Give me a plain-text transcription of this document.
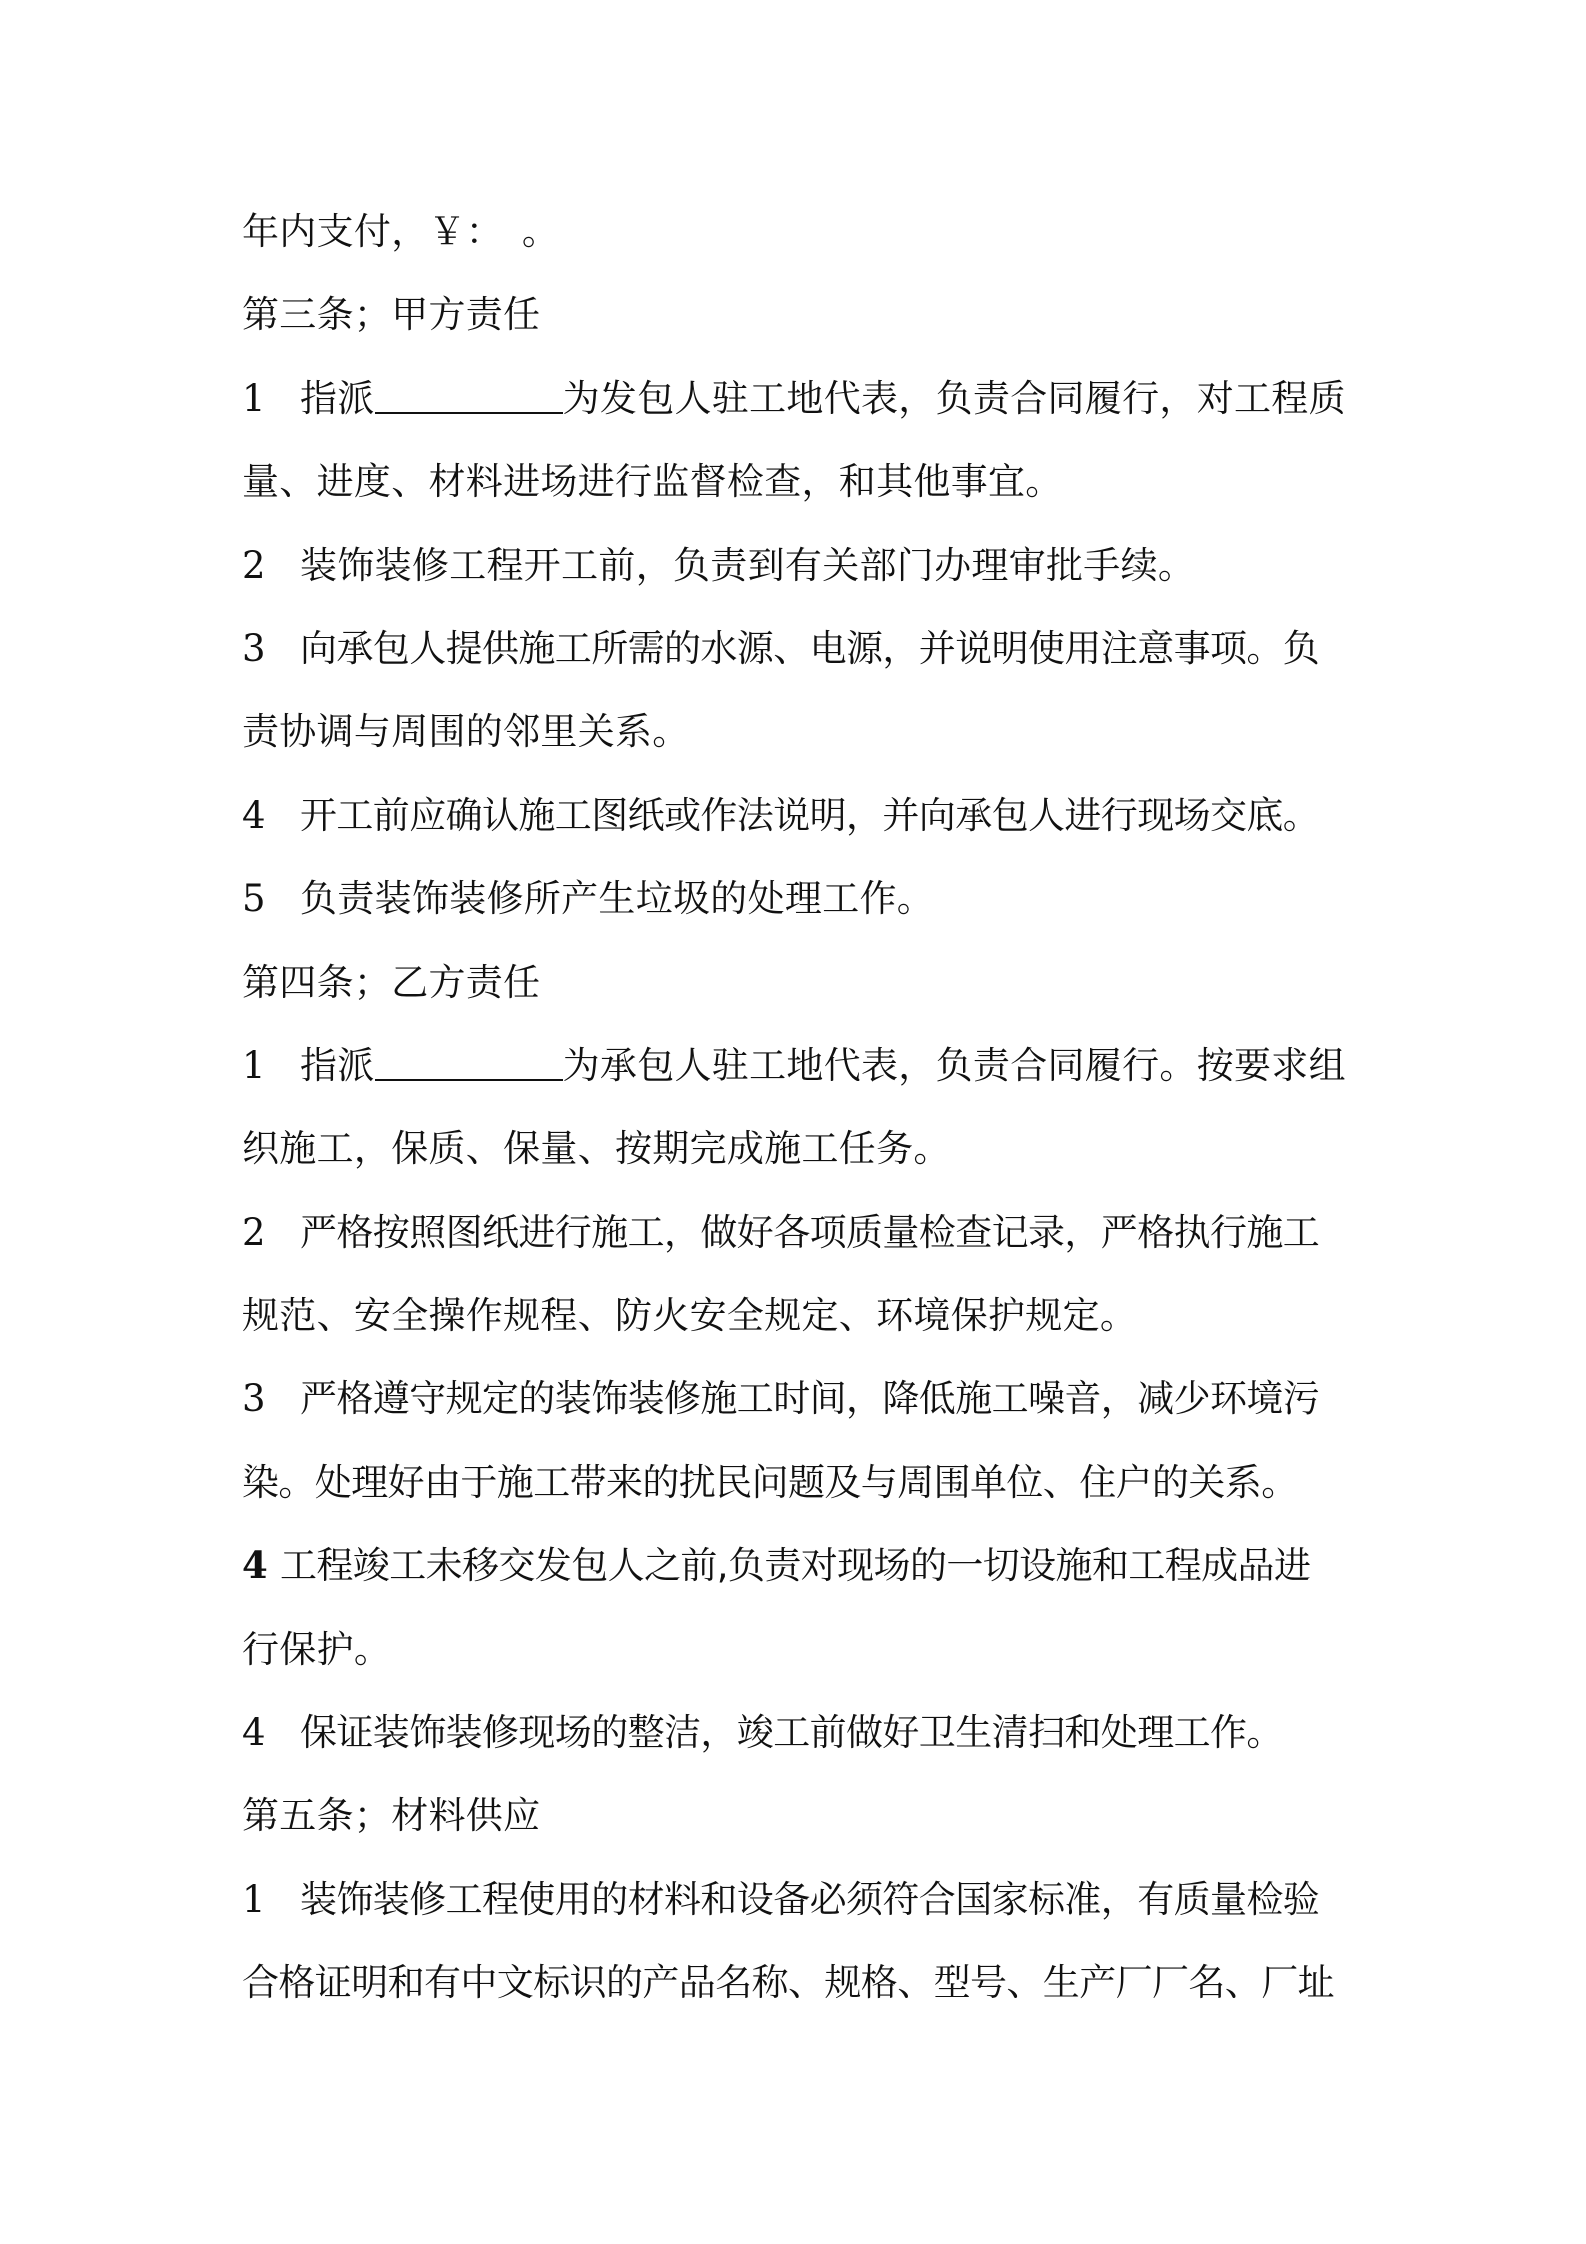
年内支付，￥：　。
第三条；甲方责任
1 指派	为发包人驻工地代表，负责合同履行，对工程质
量、进度、材料进场进行监督检查，和其他事宜。
2 装饰装修工程开工前，负责到有关部门办理审批手续。
3 向承包人提供施工所需的水源、电源，并说明使用注意事项。负
责协调与周围的邻里关系。
4 开工前应确认施工图纸或作法说明，并向承包人进行现场交底。
5 负责装饰装修所产生垃圾的处理工作。
第四条；乙方责任
1 指派	为承包人驻工地代表，负责合同履行。按要求组
织施工，保质、保量、按期完成施工任务。
2 严格按照图纸进行施工，做好各项质量检查记录，严格执行施工
规范、安全操作规程、防火安全规定、环境保护规定。
3 严格遵守规定的装饰装修施工时间，降低施工噪音，减少环境污
染。处理好由于施工带来的扰民问题及与周围单位、住户的关系。
4 工程竣工未移交发包人之前,负责对现场的一切设施和工程成品进
行保护。
4 保证装饰装修现场的整洁，竣工前做好卫生清扫和处理工作。
第五条；材料供应
1 装饰装修工程使用的材料和设备必须符合国家标准，有质量检验
合格证明和有中文标识的产品名称、规格、型号、生产厂厂名、厂址
